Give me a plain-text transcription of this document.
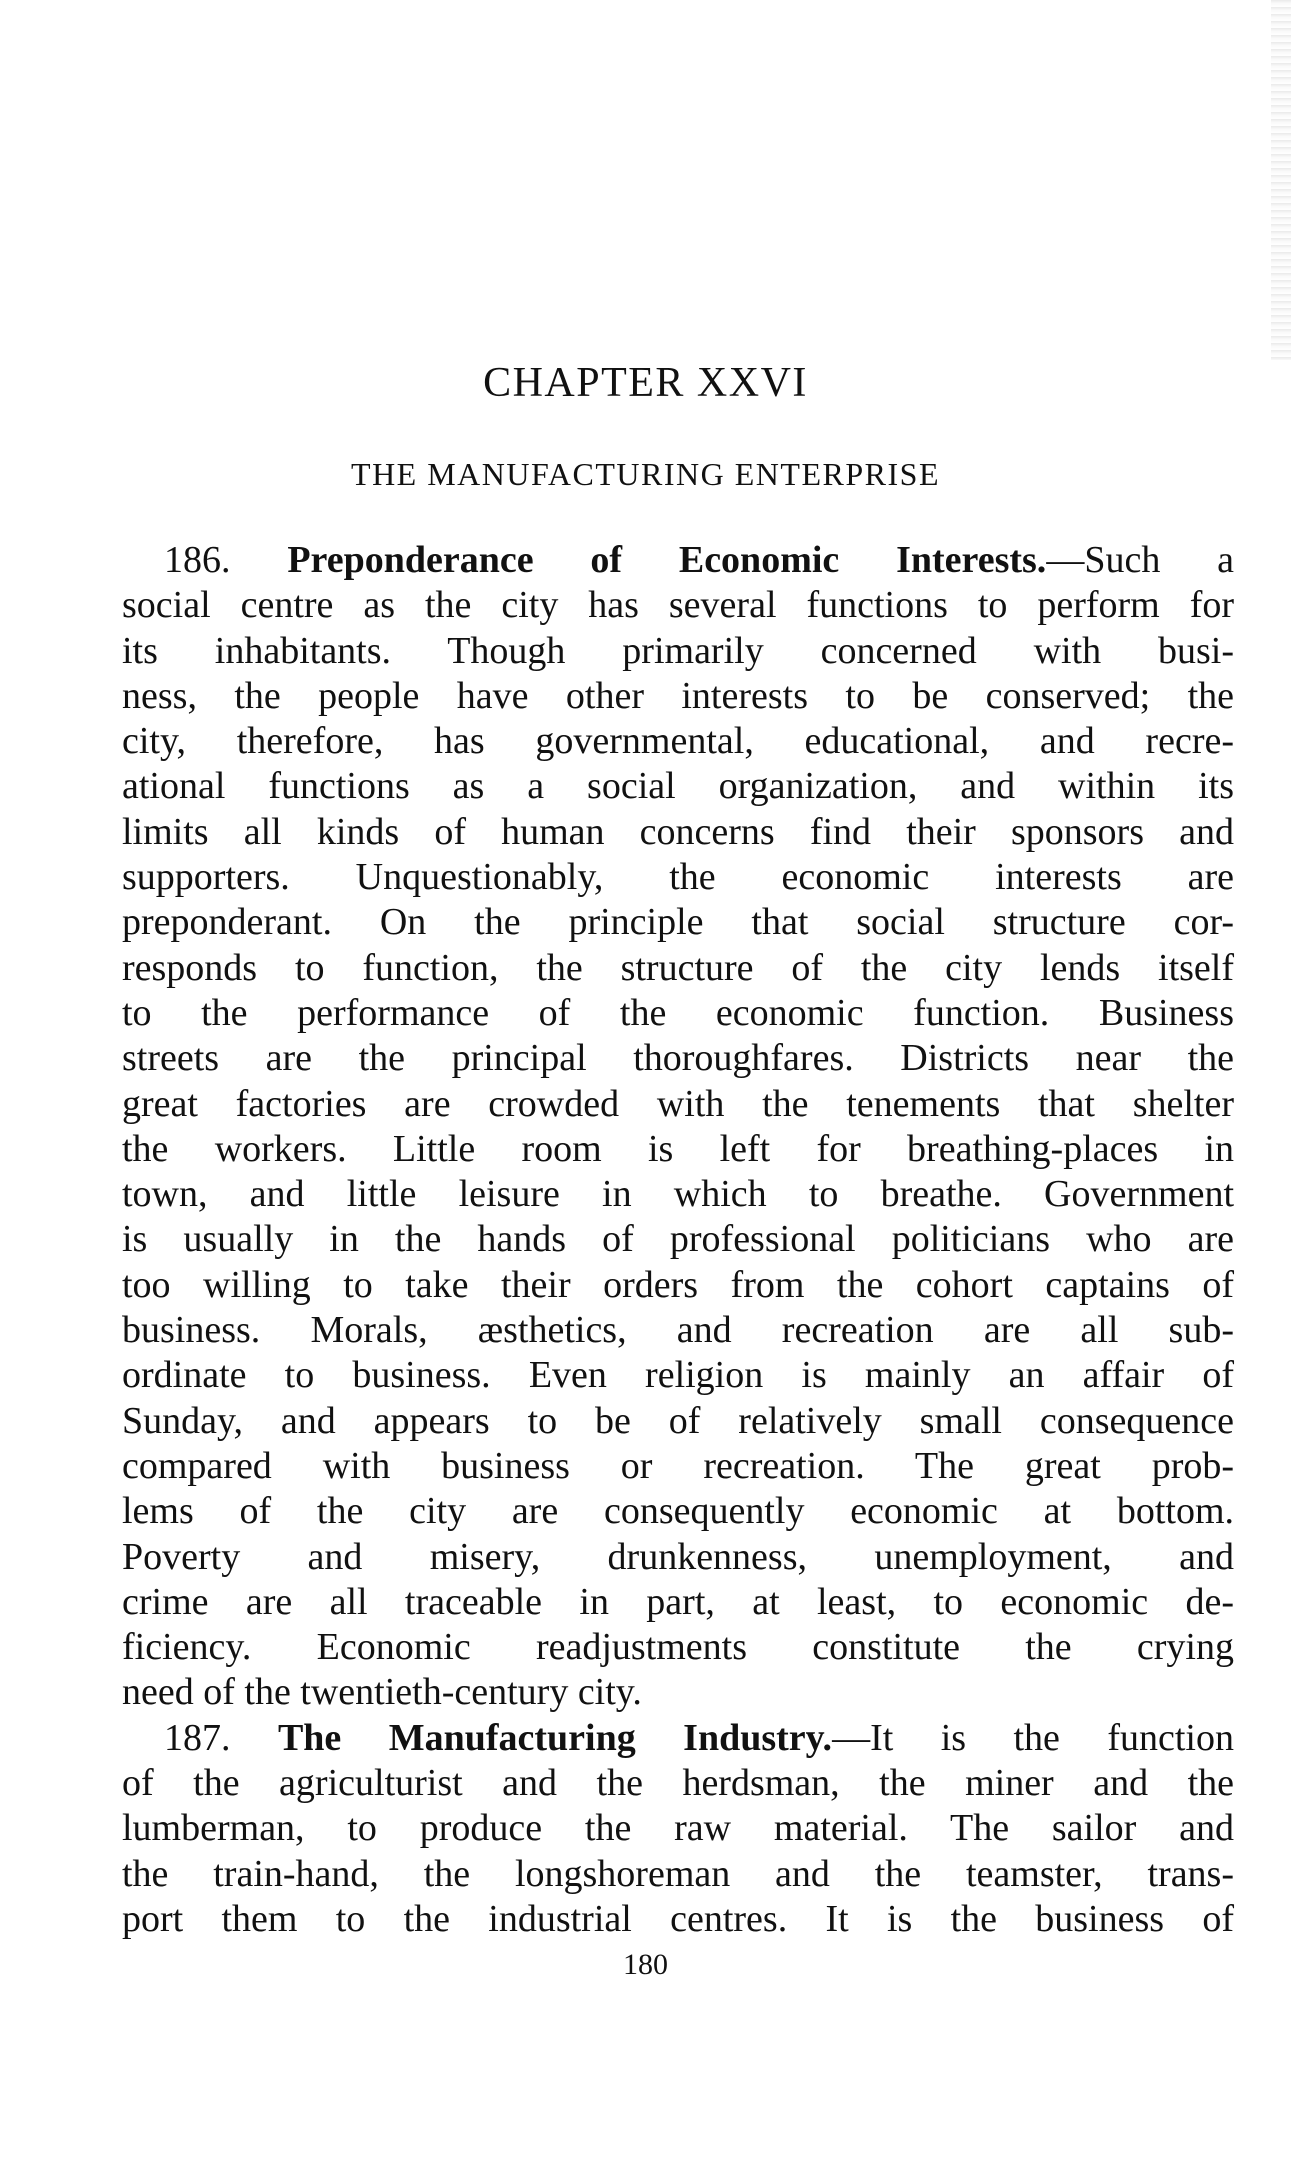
CHAPTER XXVI
THE MANUFACTURING ENTERPRISE
186. Preponderance of Economic Interests.—Such a
social centre as the city has several functions to perform for
its inhabitants. Though primarily concerned with busi-
ness, the people have other interests to be conserved; the
city, therefore, has governmental, educational, and recre-
ational functions as a social organization, and within its
limits all kinds of human concerns find their sponsors and
supporters. Unquestionably, the economic interests are
preponderant. On the principle that social structure cor-
responds to function, the structure of the city lends itself
to the performance of the economic function. Business
streets are the principal thoroughfares. Districts near the
great factories are crowded with the tenements that shelter
the workers. Little room is left for breathing-places in
town, and little leisure in which to breathe. Government
is usually in the hands of professional politicians who are
too willing to take their orders from the cohort captains of
business. Morals, æsthetics, and recreation are all sub-
ordinate to business. Even religion is mainly an affair of
Sunday, and appears to be of relatively small consequence
compared with business or recreation. The great prob-
lems of the city are consequently economic at bottom.
Poverty and misery, drunkenness, unemployment, and
crime are all traceable in part, at least, to economic de-
ficiency. Economic readjustments constitute the crying
need of the twentieth-century city.
187. The Manufacturing Industry.—It is the function
of the agriculturist and the herdsman, the miner and the
lumberman, to produce the raw material. The sailor and
the train-hand, the longshoreman and the teamster, trans-
port them to the industrial centres. It is the business of
180
